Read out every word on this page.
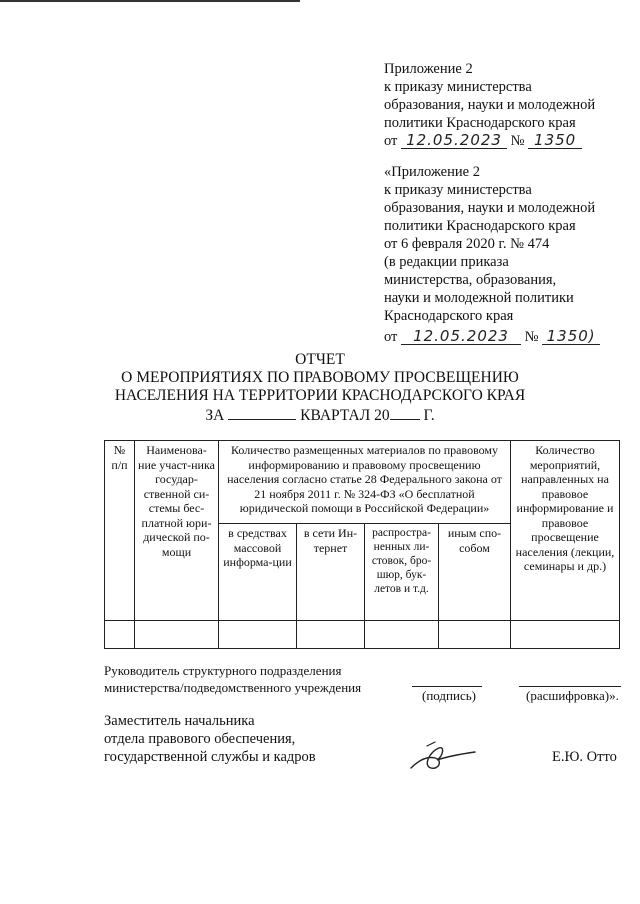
Приложение 2
к приказу министерства
образования, науки и молодежной
политики Краснодарского края
от 12.05.2023 № 1350
«Приложение 2
к приказу министерства
образования, науки и молодежной
политики Краснодарского края
от 6 февраля 2020 г. № 474
(в редакции приказа
министерства, образования,
науки и молодежной политики
Краснодарского края
от 12.05.2023 № 1350)
ОТЧЕТ
О МЕРОПРИЯТИЯХ ПО ПРАВОВОМУ ПРОСВЕЩЕНИЮ
НАСЕЛЕНИЯ НА ТЕРРИТОРИИ КРАСНОДАРСКОГО КРАЯ
ЗА	КВАРТАЛ 20 Г.
№ п/п	Наименова-ние участ-ника государ-ственной си-стемы бес-платной юри-дической по-мощи	Количество размещенных материалов по правовому информированию и правовому просвещению населения согласно статье 28 Федерального закона от 21 ноября 2011 г. № 324-ФЗ «О бесплатной юридической помощи в Российской Федерации»				Количество мероприятий, направленных на правовое информирование и правовое просвещение населения (лекции, семинары и др.)
		в средствах массовой информа-ции	в сети Ин-тернет	распростра-ненных ли-стовок, бро-шюр, бук-летов и т.д.	иным спо-собом	

Руководитель структурного подразделения
министерства/подведомственного учреждения
(подпись)	(расшифровка)».
Заместитель начальника
отдела правового обеспечения,
государственной службы и кадров	Е.Ю. Отто
